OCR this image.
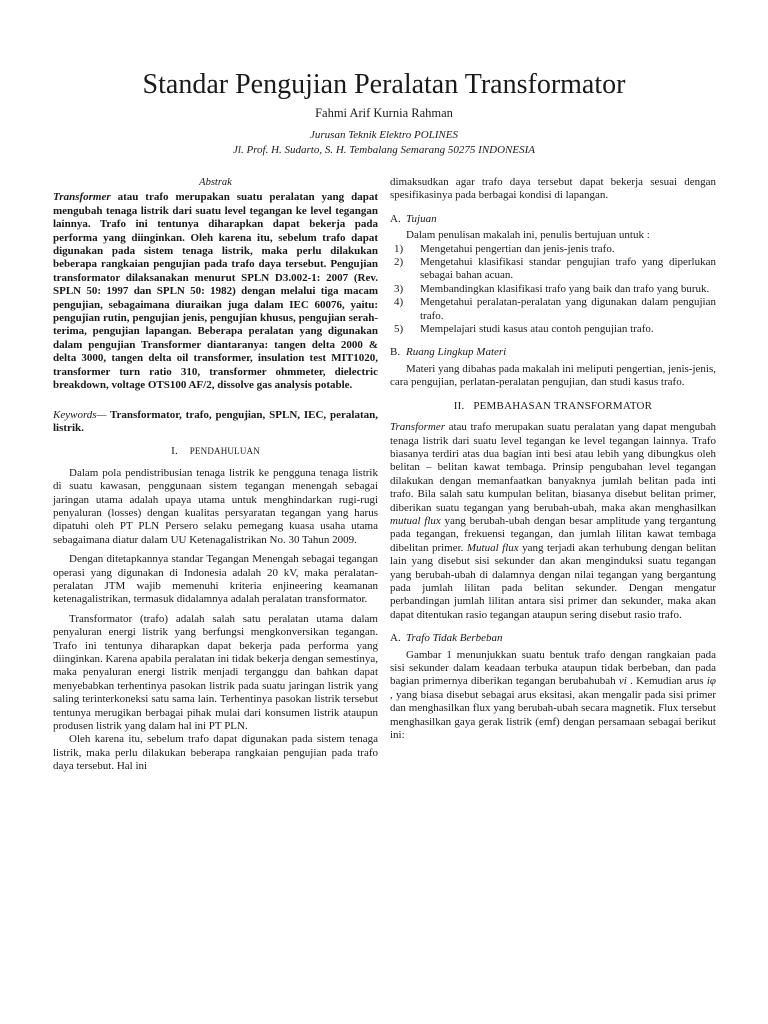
Standar Pengujian Peralatan Transformator
Fahmi Arif Kurnia Rahman
Jurusan Teknik Elektro POLINES
Jl. Prof. H. Sudarto, S. H. Tembalang Semarang 50275 INDONESIA
Abstrak

Transformer atau trafo merupakan suatu peralatan yang dapat mengubah tenaga listrik dari suatu level tegangan ke level tegangan lainnya. Trafo ini tentunya diharapkan dapat bekerja pada performa yang diinginkan. Oleh karena itu, sebelum trafo dapat digunakan pada sistem tenaga listrik, maka perlu dilakukan beberapa rangkaian pengujian pada trafo daya tersebut. Pengujian transformator dilaksanakan menurut SPLN D3.002-1: 2007 (Rev. SPLN 50: 1997 dan SPLN 50: 1982) dengan melalui tiga macam pengujian, sebagaimana diuraikan juga dalam IEC 60076, yaitu: pengujian rutin, pengujian jenis, pengujian khusus, pengujian serah-terima, pengujian lapangan. Beberapa peralatan yang digunakan dalam pengujian Transformer diantaranya: tangen delta 2000 & delta 3000, tangen delta oil transformer, insulation test MIT1020, transformer turn ratio 310, transformer ohmmeter, dielectric breakdown, voltage OTS100 AF/2, dissolve gas analysis potable.

Keywords— Transformator, trafo, pengujian, SPLN, IEC, peralatan, listrik.

I. PENDAHULUAN

Dalam pola pendistribusian tenaga listrik ke pengguna tenaga listrik di suatu kawasan, penggunaan sistem tegangan menengah sebagai jaringan utama adalah upaya utama untuk menghindarkan rugi-rugi penyaluran (losses) dengan kualitas persyaratan tegangan yang harus dipatuhi oleh PT PLN Persero selaku pemegang kuasa usaha utama sebagaimana diatur dalam UU Ketenagalistrikan No. 30 Tahun 2009.

Dengan ditetapkannya standar Tegangan Menengah sebagai tegangan operasi yang digunakan di Indonesia adalah 20 kV, maka peralatan- peralatan JTM wajib memenuhi kriteria enjineering keamanan ketenagalistrikan, termasuk didalamnya adalah peralatan transformator.

Transformator (trafo) adalah salah satu peralatan utama dalam penyaluran energi listrik yang berfungsi mengkonversikan tegangan. Trafo ini tentunya diharapkan dapat bekerja pada performa yang diinginkan. Karena apabila peralatan ini tidak bekerja dengan semestinya, maka penyaluran energi listrik menjadi terganggu dan bahkan dapat menyebabkan terhentinya pasokan listrik pada suatu jaringan listrik yang saling terinterkoneksi satu sama lain. Terhentinya pasokan listrik tersebut tentunya merugikan berbagai pihak mulai dari konsumen listrik ataupun produsen listrik yang dalam hal ini PT PLN.

Oleh karena itu, sebelum trafo dapat digunakan pada sistem tenaga listrik, maka perlu dilakukan beberapa rangkaian pengujian pada trafo daya tersebut. Hal ini

dimaksudkan agar trafo daya tersebut dapat bekerja sesuai dengan spesifikasinya pada berbagai kondisi di lapangan.

A. Tujuan

Dalam penulisan makalah ini, penulis bertujuan untuk :

1)	Mengetahui pengertian dan jenis-jenis trafo.
2)	Mengetahui klasifikasi standar pengujian trafo yang diperlukan sebagai bahan acuan.
3)	Membandingkan klasifikasi trafo yang baik dan trafo yang buruk.
4)	Mengetahui peralatan-peralatan yang digunakan dalam pengujian trafo.
5)	Mempelajari studi kasus atau contoh pengujian trafo.
B. Ruang Lingkup Materi

Materi yang dibahas pada makalah ini meliputi pengertian, jenis-jenis, cara pengujian, perlatan-peralatan pengujian, dan studi kasus trafo.

II. PEMBAHASAN TRANSFORMATOR

Transformer atau trafo merupakan suatu peralatan yang dapat mengubah tenaga listrik dari suatu level tegangan ke level tegangan lainnya. Trafo biasanya terdiri atas dua bagian inti besi atau lebih yang dibungkus oleh belitan – belitan kawat tembaga. Prinsip pengubahan level tegangan dilakukan dengan memanfaatkan banyaknya jumlah belitan pada inti trafo. Bila salah satu kumpulan belitan, biasanya disebut belitan primer, diberikan suatu tegangan yang berubah-ubah, maka akan menghasilkan mutual flux yang berubah-ubah dengan besar amplitude yang tergantung pada tegangan, frekuensi tegangan, dan jumlah lilitan kawat tembaga dibelitan primer. Mutual flux yang terjadi akan terhubung dengan belitan lain yang disebut sisi sekunder dan akan menginduksi suatu tegangan yang berubah-ubah di dalamnya dengan nilai tegangan yang bergantung pada jumlah lilitan pada belitan sekunder. Dengan mengatur perbandingan jumlah lilitan antara sisi primer dan sekunder, maka akan dapat ditentukan rasio tegangan ataupun sering disebut rasio trafo.

A. Trafo Tidak Berbeban

Gambar 1 menunjukkan suatu bentuk trafo dengan rangkaian pada sisi sekunder dalam keadaan terbuka ataupun tidak berbeban, dan pada bagian primernya diberikan tegangan berubahubah vi . Kemudian arus iφ , yang biasa disebut sebagai arus eksitasi, akan mengalir pada sisi primer dan menghasilkan flux yang berubah-ubah secara magnetik. Flux tersebut menghasilkan gaya gerak listrik (emf) dengan persamaan sebagai berikut ini:
